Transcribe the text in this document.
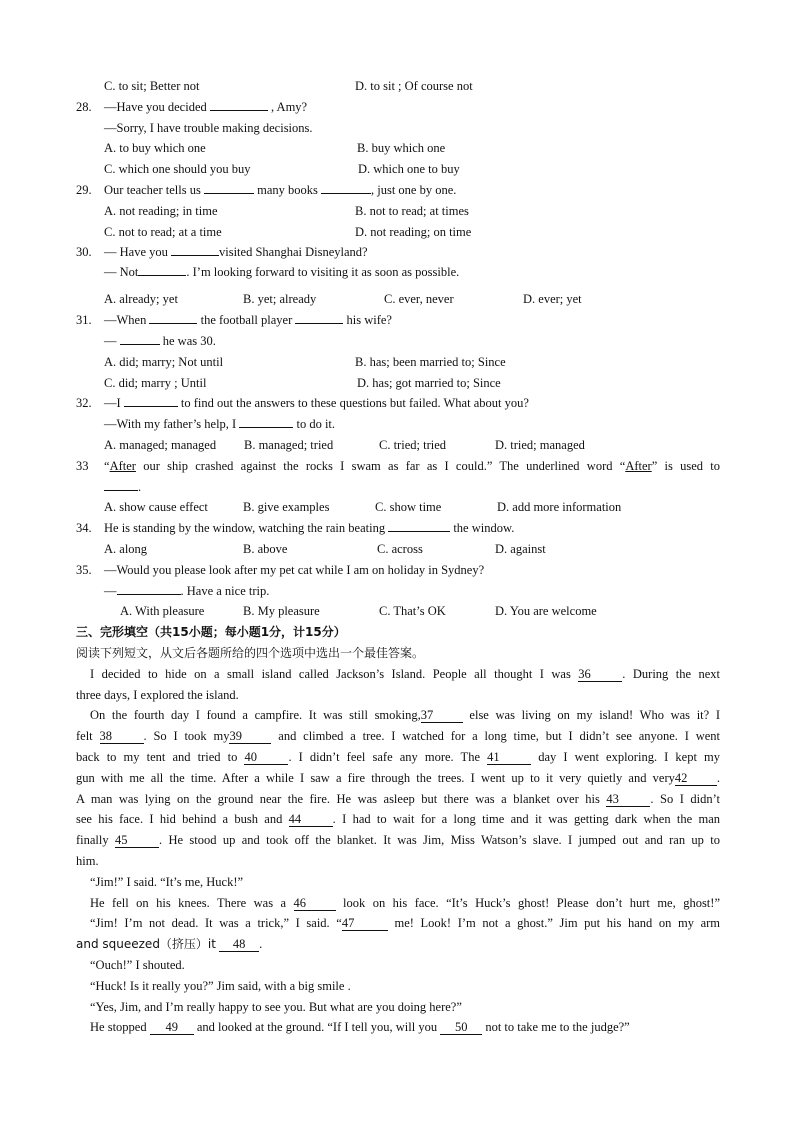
C. to sit; Better not	D. to sit ; Of course not
28. —Have you decided	, Amy?
—Sorry, I have trouble making decisions.
A. to buy which one	B. buy which one
C. which one should you buy	D. which one to buy
29. Our teacher tells us	many books	, just one by one.
A. not reading; in time	B. not to read; at times
C. not to read; at a time	D. not reading; on time
30. — Have you	visited Shanghai Disneyland?
— Not	. I’m looking forward to visiting it as soon as possible.
A. already; yet	B. yet; already	C. ever, never	D. ever; yet
31. —When	the football player	his wife?
—	he was 30.
A. did; marry; Not until	B. has; been married to; Since
C. did; marry ; Until	D. has; got married to; Since
32. —I	to find out the answers to these questions but failed. What about you?
—With my father’s help, I	to do it.
A. managed; managed B. managed; tried	C. tried; tried	D. tried; managed
33 “After our ship crashed against the rocks I swam as far as I could.” The underlined word “After” is used to
.
A. show cause effect	B. give examples	C. show time	D. add more information
34. He is standing by the window, watching the rain beating	the window.
A. along	B. above	C. across	D. against
35. —Would you please look after my pet cat while I am on holiday in Sydney?
—	. Have a nice trip.
A. With pleasure	B. My pleasure	C. That’s OK	D. You are welcome
三、完形填空（共15小题；每小题1分，计15分）
阅读下列短文，从文后各题所给的四个选项中选出一个最佳答案。
I decided to hide on a small island called Jackson’s Island. People all thought I was 36	. During the next
three days, I explored the island.
On the fourth day I found a campfire. It was still smoking,37	else was living on my island! Who was it? I
felt 38	. So I took my39	and climbed a tree. I watched for a long time, but I didn’t see anyone. I went
back to my tent and tried to 40	. I didn’t feel safe any more. The 41	day I went exploring. I kept my
gun with me all the time. After a while I saw a fire through the trees. I went up to it very quietly and very42 .
A man was lying on the ground near the fire. He was asleep but there was a blanket over his 43	. So I didn’t
see his face. I hid behind a bush and 44	. I had to wait for a long time and it was getting dark when the man
finally 45	. He stood up and took off the blanket. It was Jim, Miss Watson’s slave. I jumped out and ran up to
him.
“Jim!” I said. “It’s me, Huck!”
He fell on his knees. There was a 46	look on his face. “It’s Huck’s ghost! Please don’t hurt me, ghost!”
“Jim! I’m not dead. It was a trick,” I said. “47	me! Look! I’m not a ghost.” Jim put his hand on my arm
and squeezed（挤压）it 48 .
“Ouch!” I shouted.
“Huck! Is it really you?” Jim said, with a big smile .
“Yes, Jim, and I’m really happy to see you. But what are you doing here?”
He stopped 49 and looked at the ground. “If I tell you, will you 50 not to take me to the judge?”
